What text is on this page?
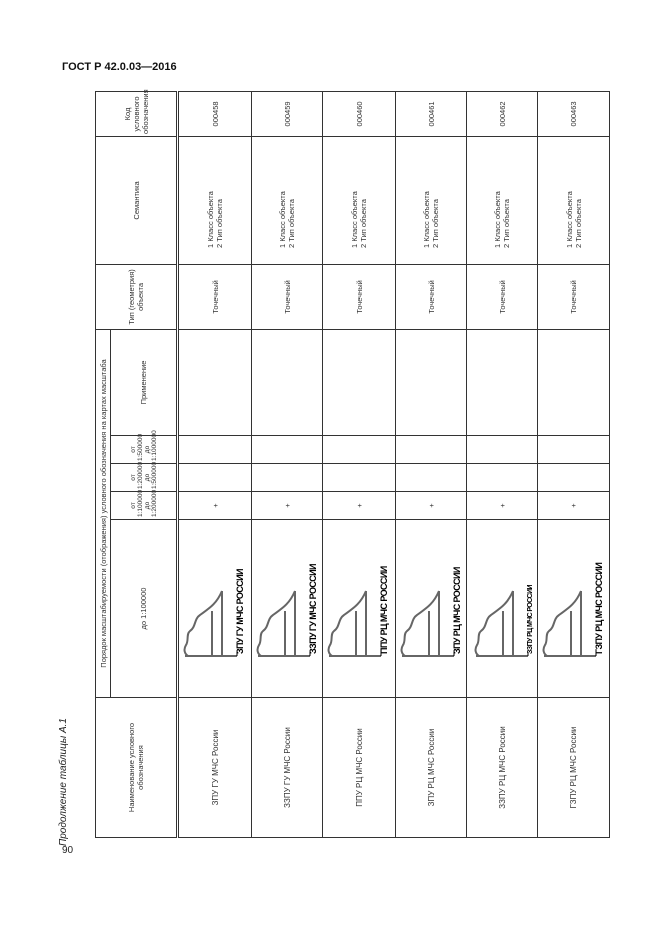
ГОСТ Р 42.0.03—2016
Продолжение таблицы А.1
90
Наименование условного обозначения	Порядок масштабируемости (отображения) условного обозначения на картах масштаба					Тип (геометрия) объекта	Семантика	Код условного обозначения
	до 1:100000	от 1:100000 до 1:200000	от 1:200000 до 1:500000	от 1:500000 до 1:1000000	Применение			
ЗПУ ГУ МЧС России	ЗПУ ГУ МЧС РОССИИ	+				Точечный	1 Класс объекта 2 Тип объекта	000458
ЗЗПУ ГУ МЧС России	ЗЗПУ ГУ МЧС РОССИИ	+				Точечный	1 Класс объекта 2 Тип объекта	000459
ППУ РЦ МЧС России	ППУ РЦ МЧС РОССИИ	+				Точечный	1 Класс объекта 2 Тип объекта	000460
ЗПУ РЦ МЧС России	ЗПУ РЦ МЧС РОССИИ	+				Точечный	1 Класс объекта 2 Тип объекта	000461
ЗЗПУ РЦ МЧС России	ЗЗПУ РЦ МЧС РОССИИ	+				Точечный	1 Класс объекта 2 Тип объекта	000462
ГЗПУ РЦ МЧС России	ГЗПУ РЦ МЧС РОССИИ	+				Точечный	1 Класс объекта 2 Тип объекта	000463
